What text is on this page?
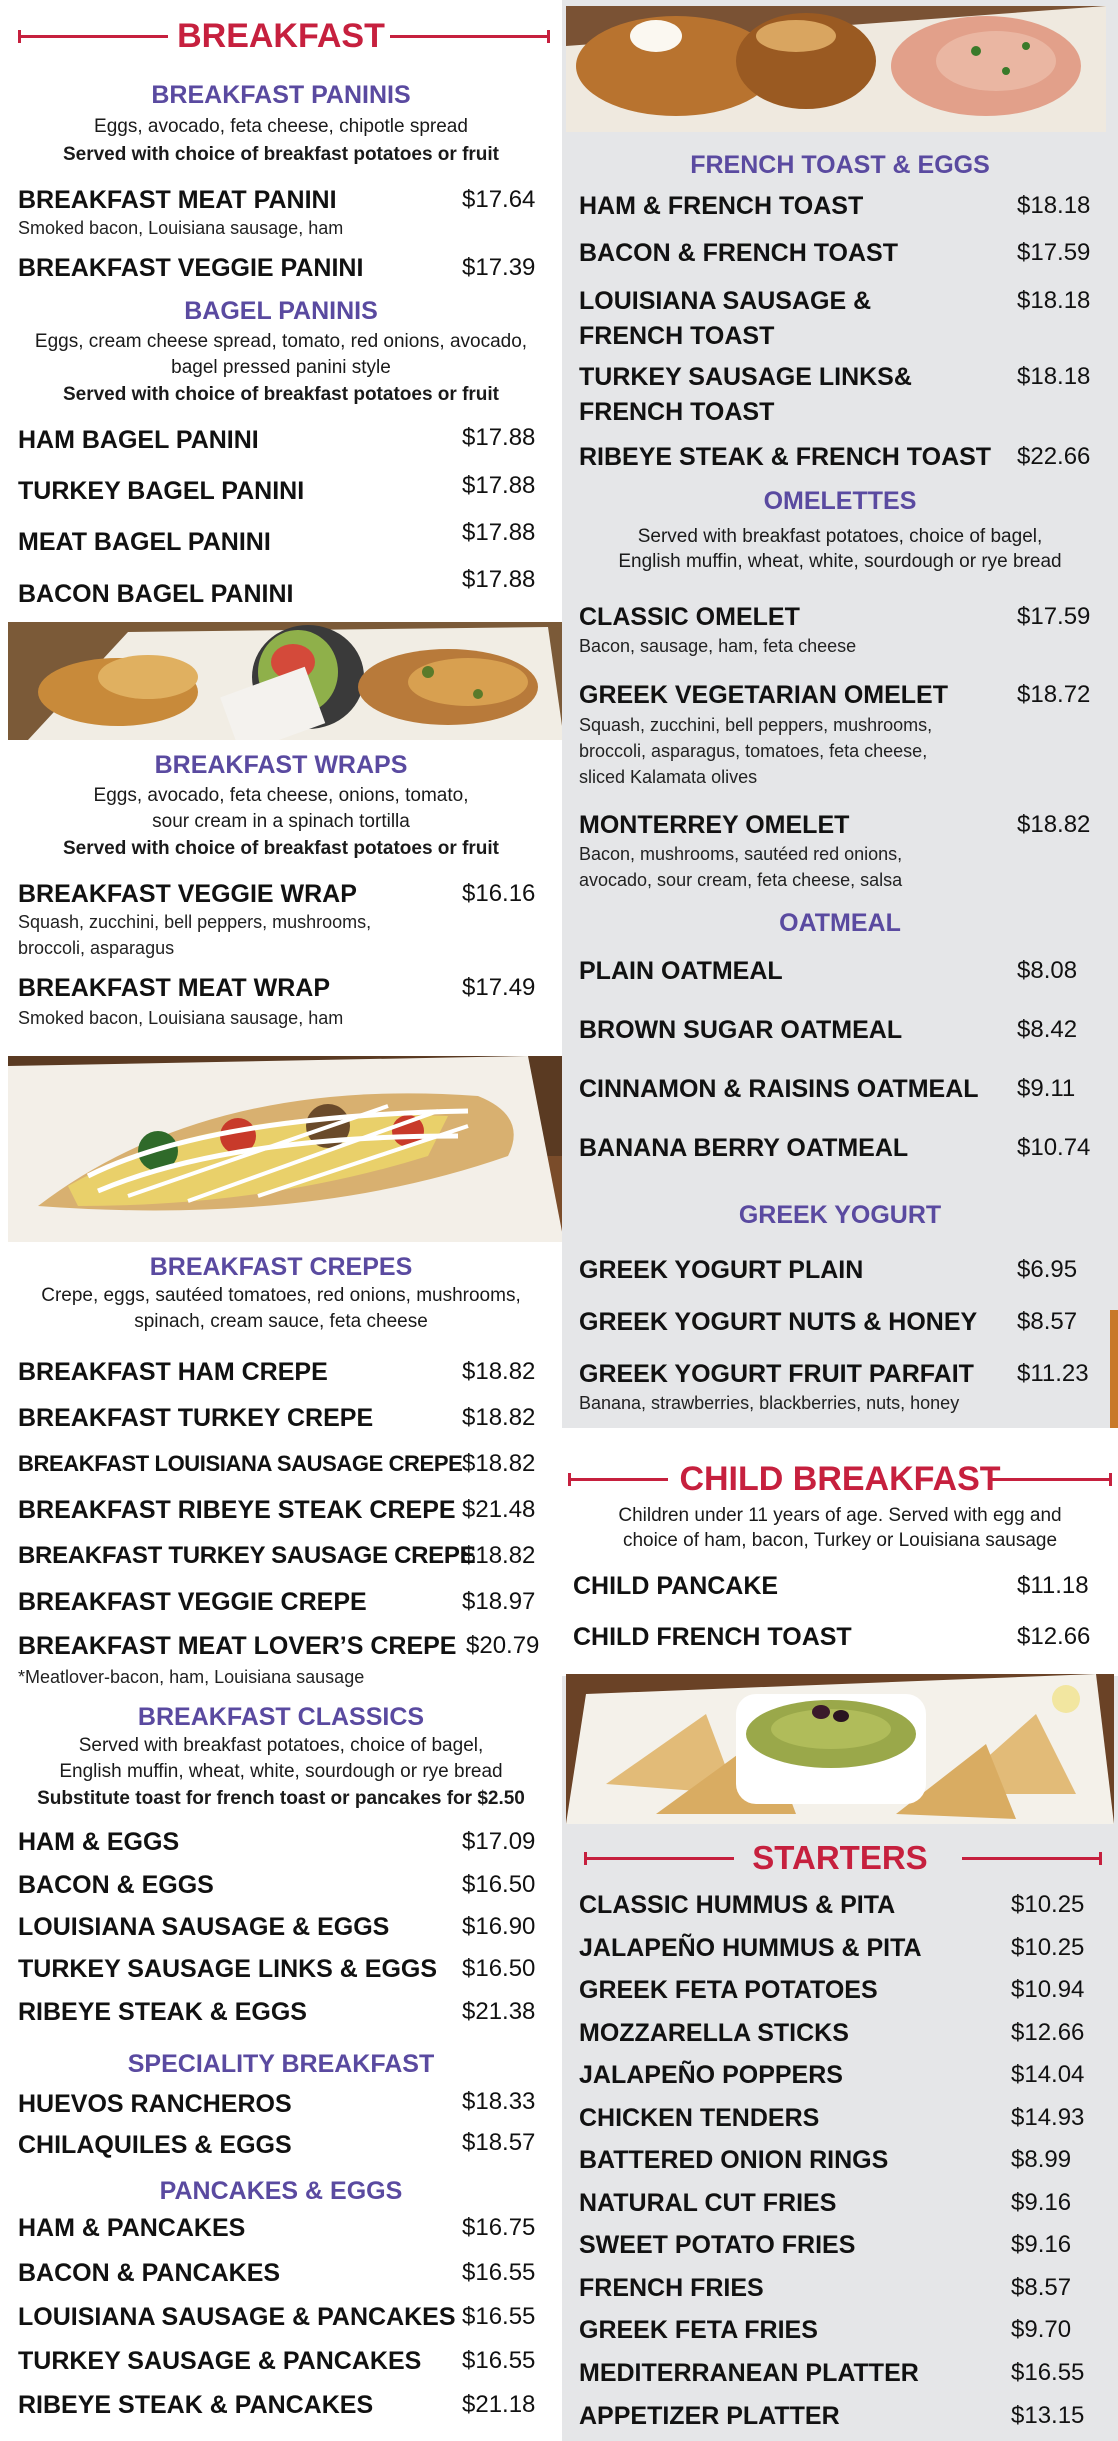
BREAKFAST
BREAKFAST PANINIS
Eggs, avocado, feta cheese, chipotle spread
Served with choice of breakfast potatoes or fruit
BREAKFAST MEAT PANINI	$17.64
Smoked bacon, Louisiana sausage, ham
BREAKFAST VEGGIE PANINI	$17.39
BAGEL PANINIS
Eggs, cream cheese spread, tomato, red onions, avocado,
bagel pressed panini style
Served with choice of breakfast potatoes or fruit
HAM BAGEL PANINI	$17.88
TURKEY BAGEL PANINI	$17.88
MEAT BAGEL PANINI	$17.88
BACON BAGEL PANINI
$17.88
BREAKFAST WRAPS
Eggs, avocado, feta cheese, onions, tomato,
sour cream in a spinach tortilla
Served with choice of breakfast potatoes or fruit
BREAKFAST VEGGIE WRAP	$16.16
Squash, zucchini, bell peppers, mushrooms,
broccoli, asparagus
BREAKFAST MEAT WRAP	$17.49
Smoked bacon, Louisiana sausage, ham
BREAKFAST CREPES
Crepe, eggs, sautéed tomatoes, red onions, mushrooms,
spinach, cream sauce, feta cheese
BREAKFAST HAM CREPE	$18.82
BREAKFAST TURKEY CREPE	$18.82
BREAKFAST LOUISIANA SAUSAGE CREPE $18.82
BREAKFAST RIBEYE STEAK CREPE $21.48
BREAKFAST TURKEY SAUSAGE CREPE
$18.82
BREAKFAST VEGGIE CREPE	$18.97
BREAKFAST MEAT LOVER’S CREPE $20.79
*Meatlover-bacon, ham, Louisiana sausage
BREAKFAST CLASSICS
Served with breakfast potatoes, choice of bagel,
English muffin, wheat, white, sourdough or rye bread
Substitute toast for french toast or pancakes for $2.50
HAM & EGGS	$17.09
BACON & EGGS	$16.50
LOUISIANA SAUSAGE & EGGS	$16.90
TURKEY SAUSAGE LINKS & EGGS $16.50
RIBEYE STEAK & EGGS	$21.38
SPECIALITY BREAKFAST
HUEVOS RANCHEROS	$18.33
CHILAQUILES & EGGS	$18.57
PANCAKES & EGGS
HAM & PANCAKES	$16.75
BACON & PANCAKES	$16.55
LOUISIANA SAUSAGE & PANCAKES $16.55
TURKEY SAUSAGE & PANCAKES $16.55
RIBEYE STEAK & PANCAKES	$21.18
FRENCH TOAST & EGGS
HAM & FRENCH TOAST	$18.18
BACON & FRENCH TOAST	$17.59
LOUISIANA SAUSAGE &
FRENCH TOAST
$18.18
TURKEY SAUSAGE LINKS&
FRENCH TOAST
$18.18
RIBEYE STEAK & FRENCH TOAST $22.66
OMELETTES
Served with breakfast potatoes, choice of bagel,
English muffin, wheat, white, sourdough or rye bread
CLASSIC OMELET	$17.59
Bacon, sausage, ham, feta cheese
GREEK VEGETARIAN OMELET	$18.72
Squash, zucchini, bell peppers, mushrooms,
broccoli, asparagus, tomatoes, feta cheese,
sliced Kalamata olives
MONTERREY OMELET	$18.82
Bacon, mushrooms, sautéed red onions,
avocado, sour cream, feta cheese, salsa
OATMEAL
PLAIN OATMEAL	$8.08
BROWN SUGAR OATMEAL	$8.42
CINNAMON & RAISINS OATMEAL $9.11
BANANA BERRY OATMEAL	$10.74
GREEK YOGURT
GREEK YOGURT PLAIN	$6.95
GREEK YOGURT NUTS & HONEY $8.57
GREEK YOGURT FRUIT PARFAIT $11.23
Banana, strawberries, blackberries, nuts, honey
CHILD BREAKFAST
Children under 11 years of age. Served with egg and
choice of ham, bacon, Turkey or Louisiana sausage
CHILD PANCAKE	$11.18
CHILD FRENCH TOAST	$12.66
STARTERS
CLASSIC HUMMUS & PITA	$10.25
JALAPEÑO HUMMUS & PITA	$10.25
GREEK FETA POTATOES	$10.94
MOZZARELLA STICKS	$12.66
JALAPEÑO POPPERS	$14.04
CHICKEN TENDERS	$14.93
BATTERED ONION RINGS	$8.99
NATURAL CUT FRIES	$9.16
SWEET POTATO FRIES	$9.16
FRENCH FRIES	$8.57
GREEK FETA FRIES	$9.70
MEDITERRANEAN PLATTER	$16.55
APPETIZER PLATTER	$13.15
